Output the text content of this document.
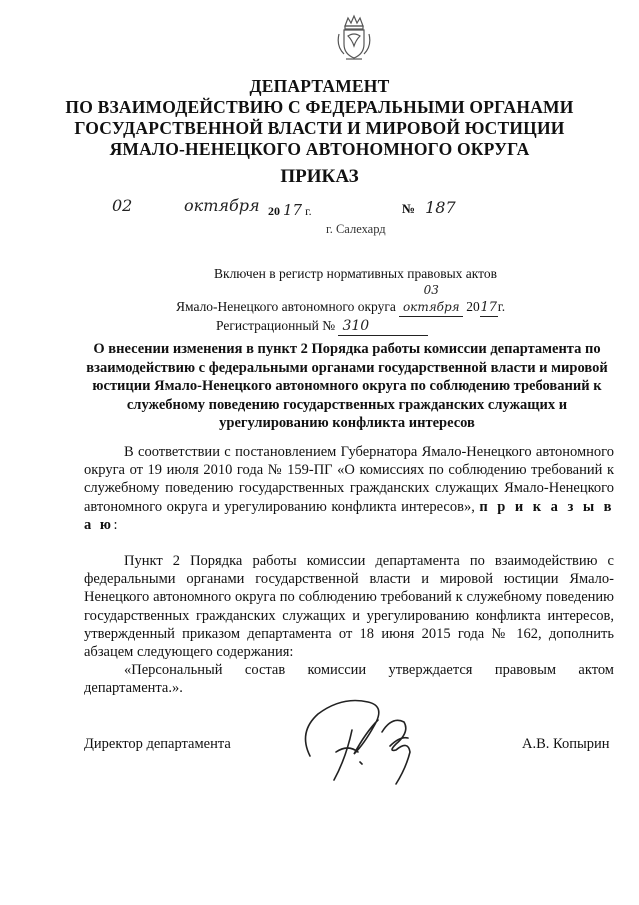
ДЕПАРТАМЕНТ
ПО ВЗАИМОДЕЙСТВИЮ С ФЕДЕРАЛЬНЫМИ ОРГАНАМИ
ГОСУДАРСТВЕННОЙ ВЛАСТИ И МИРОВОЙ ЮСТИЦИИ
ЯМАЛО-НЕНЕЦКОГО АВТОНОМНОГО ОКРУГА
ПРИКАЗ
02	октября 20 17 г.	№ 187
г. Салехард
Включен в регистр нормативных правовых актов
Ямало-Ненецкого автономного округа 03 октября 2017г.
Регистрационный № 310
О внесении изменения в пункт 2 Порядка работы комиссии департамента по взаимодействию с федеральными органами государственной власти и мировой юстиции Ямало-Ненецкого автономного округа по соблюдению требований к служебному поведению государственных гражданских служащих и урегулированию конфликта интересов

В соответствии с постановлением Губернатора Ямало-Ненецкого автономного округа от 19 июля 2010 года № 159-ПГ «О комиссиях по соблюдению требований к служебному поведению государственных гражданских служащих Ямало-Ненецкого автономного округа и урегулированию конфликта интересов», п р и к а з ы в а ю:

Пункт 2 Порядка работы комиссии департамента по взаимодействию с федеральными органами государственной власти и мировой юстиции Ямало-Ненецкого автономного округа по соблюдению требований к служебному поведению государственных гражданских служащих и урегулированию конфликта интересов, утвержденный приказом департамента от 18 июня 2015 года № 162, дополнить абзацем следующего содержания:

«Персональный состав комиссии утверждается правовым актом департамента.».

Директор департамента	А.В. Копырин
